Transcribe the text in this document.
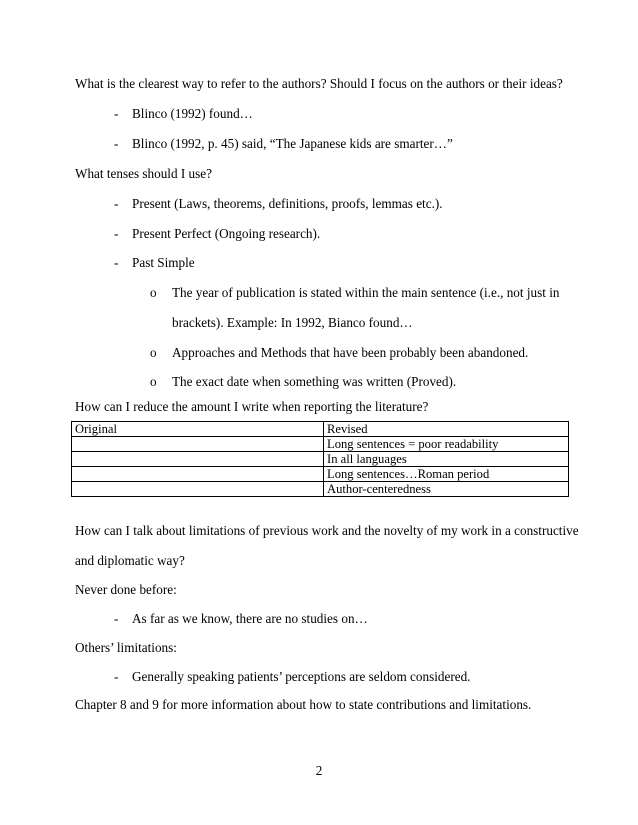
What is the clearest way to refer to the authors? Should I focus on the authors or their ideas?
-	Blinco (1992) found…
-	Blinco (1992, p. 45) said, “The Japanese kids are smarter…”
What tenses should I use?
-	Present (Laws, theorems, definitions, proofs, lemmas etc.).
-	Present Perfect (Ongoing research).
-	Past Simple
o The year of publication is stated within the main sentence (i.e., not just in
brackets). Example: In 1992, Bianco found…
o Approaches and Methods that have been probably been abandoned.
o The exact date when something was written (Proved).
How can I reduce the amount I write when reporting the literature?
Original	Revised
	Long sentences = poor readability
	In all languages
	Long sentences…Roman period
	Author-centeredness
How can I talk about limitations of previous work and the novelty of my work in a constructive
and diplomatic way?
Never done before:
-	As far as we know, there are no studies on…
Others’ limitations:
-	Generally speaking patients’ perceptions are seldom considered.
Chapter 8 and 9 for more information about how to state contributions and limitations.
2
